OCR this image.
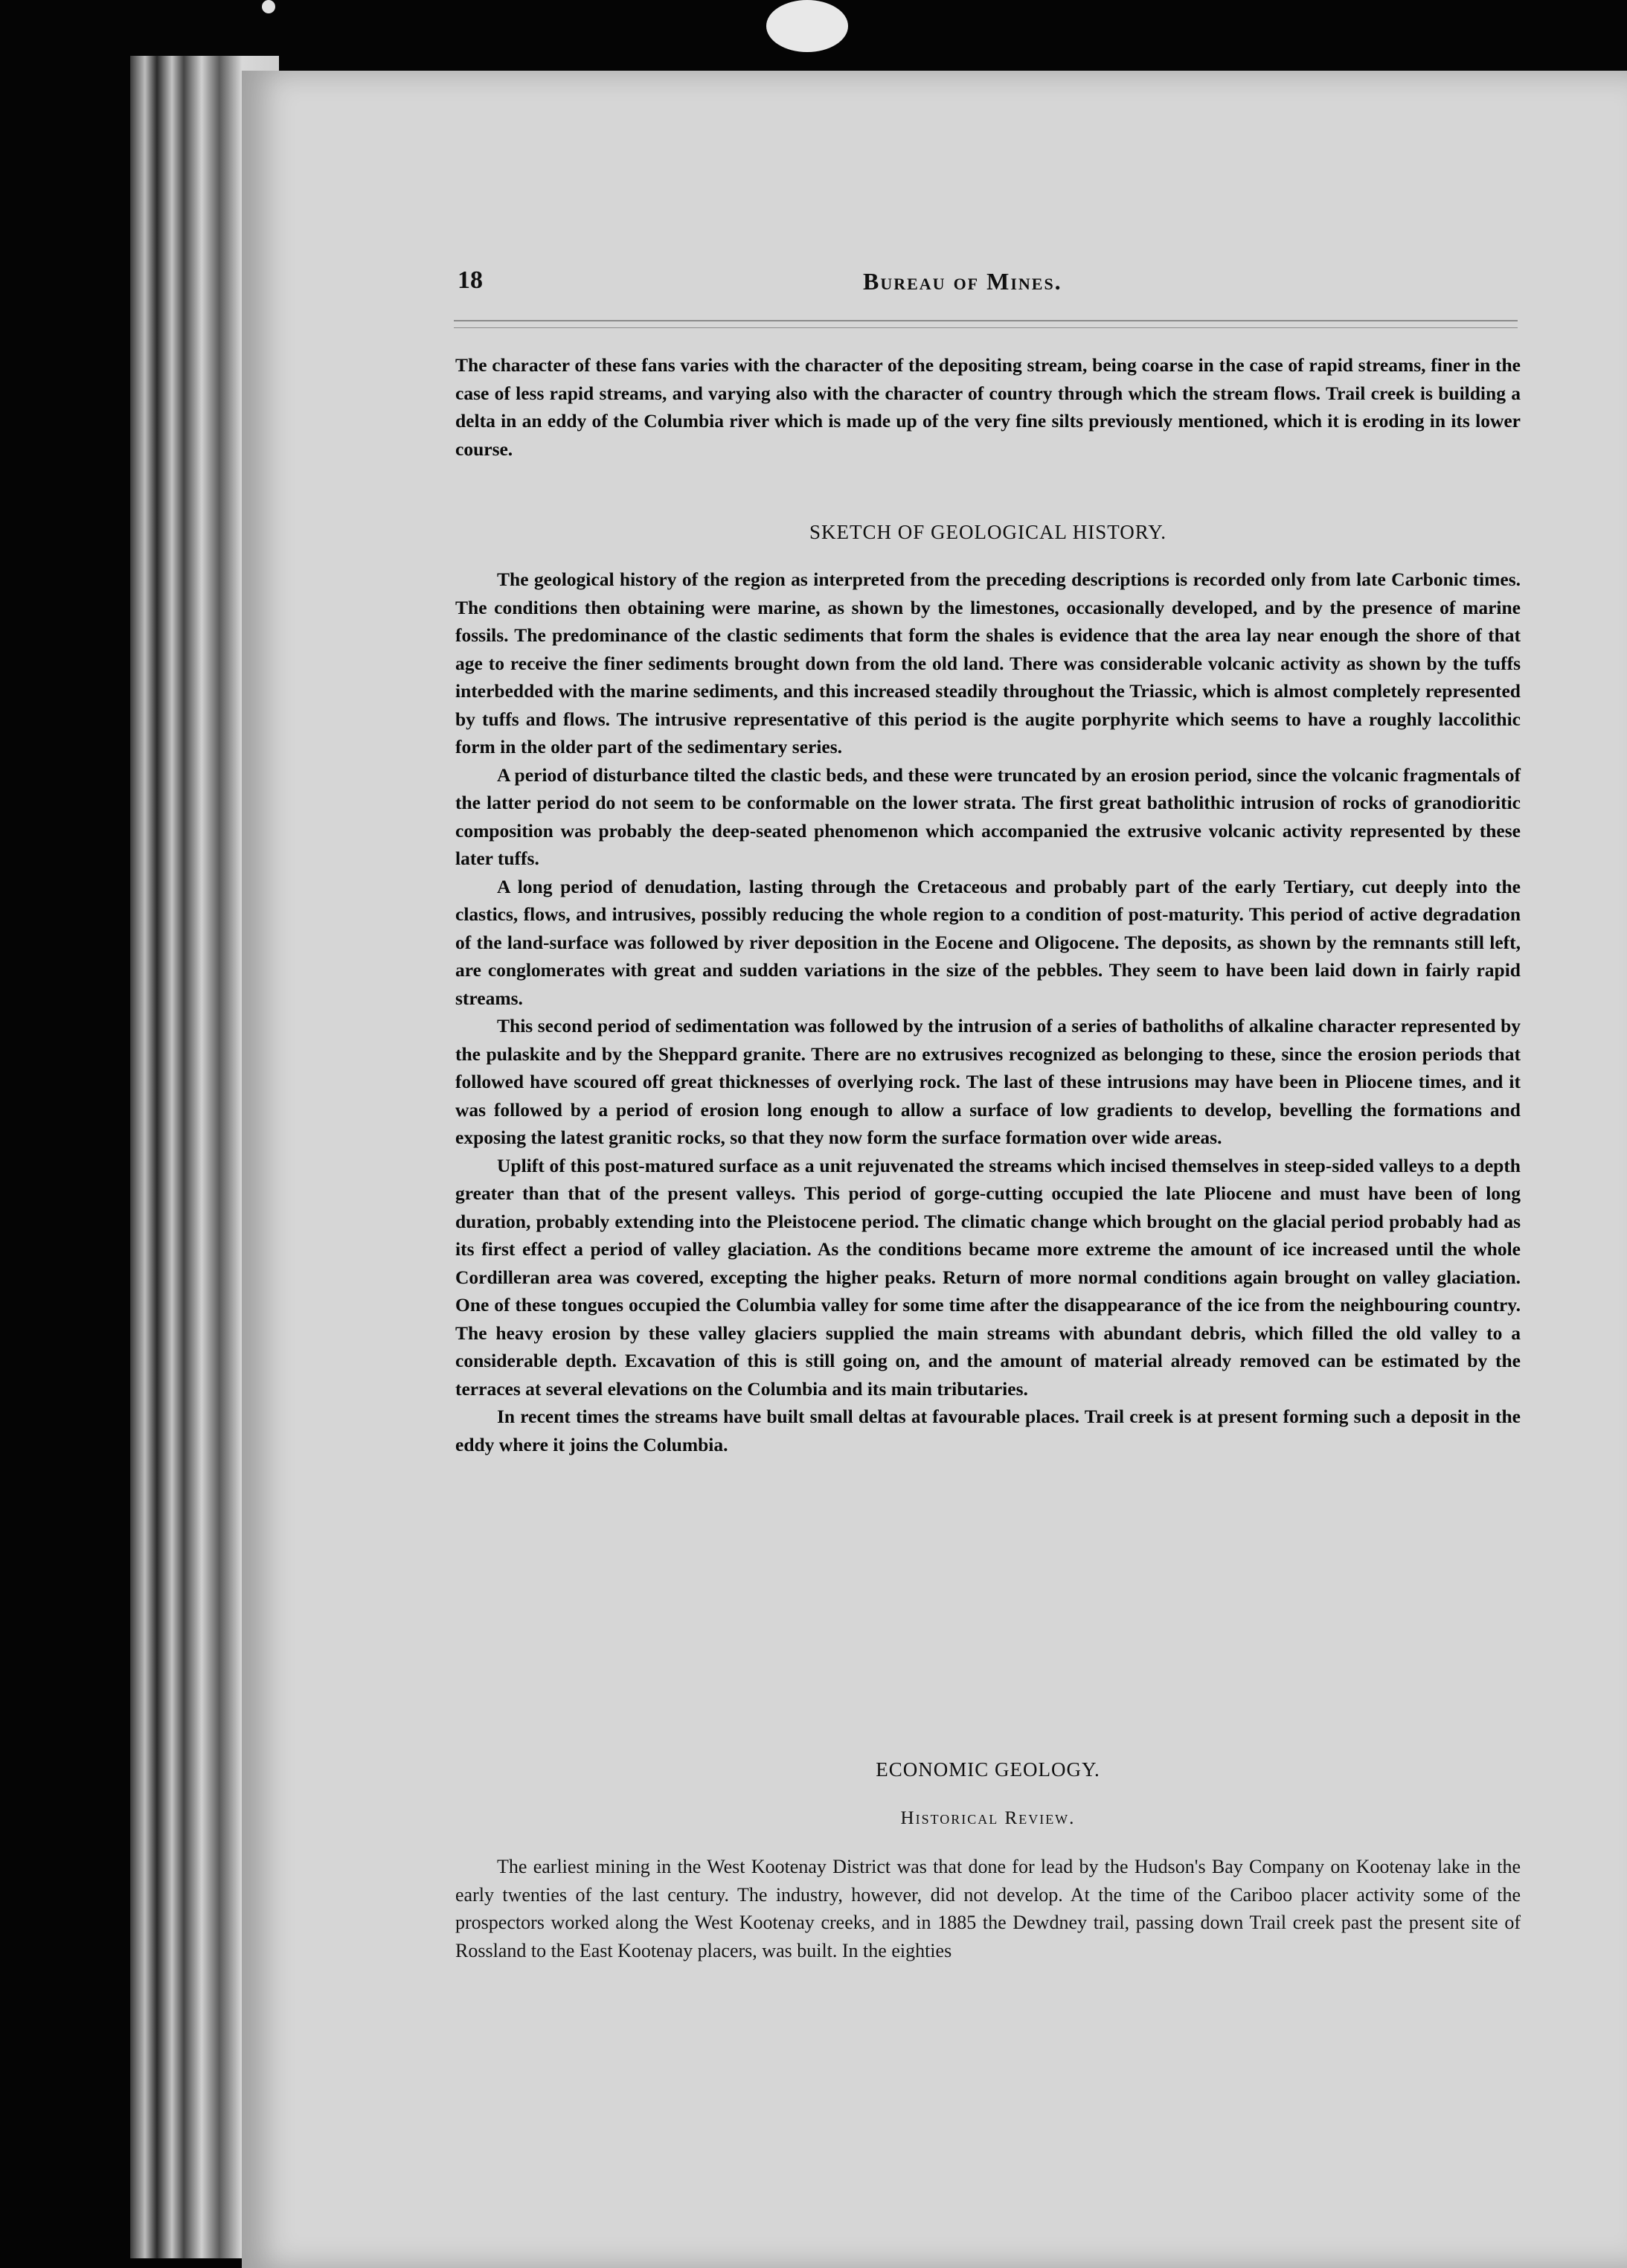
18	Bureau of Mines.

The character of these fans varies with the character of the depositing stream, being coarse in the case of rapid streams, finer in the case of less rapid streams, and varying also with the character of country through which the stream flows. Trail creek is building a delta in an eddy of the Columbia river which is made up of the very fine silts previously mentioned, which it is eroding in its lower course.

SKETCH OF GEOLOGICAL HISTORY.

The geological history of the region as interpreted from the preceding descriptions is recorded only from late Carbonic times. The conditions then obtaining were marine, as shown by the limestones, occasionally developed, and by the presence of marine fossils. The predominance of the clastic sediments that form the shales is evidence that the area lay near enough the shore of that age to receive the finer sediments brought down from the old land. There was considerable volcanic activity as shown by the tuffs interbedded with the marine sediments, and this increased steadily throughout the Triassic, which is almost completely represented by tuffs and flows. The intrusive representative of this period is the augite porphyrite which seems to have a roughly laccolithic form in the older part of the sedimentary series.

A period of disturbance tilted the clastic beds, and these were truncated by an erosion period, since the volcanic fragmentals of the latter period do not seem to be conformable on the lower strata. The first great batholithic intrusion of rocks of granodioritic composition was probably the deep-seated phenomenon which accompanied the extrusive volcanic activity represented by these later tuffs.

A long period of denudation, lasting through the Cretaceous and probably part of the early Tertiary, cut deeply into the clastics, flows, and intrusives, possibly reducing the whole region to a condition of post-maturity. This period of active degradation of the land-surface was followed by river deposition in the Eocene and Oligocene. The deposits, as shown by the remnants still left, are conglomerates with great and sudden variations in the size of the pebbles. They seem to have been laid down in fairly rapid streams.

This second period of sedimentation was followed by the intrusion of a series of batholiths of alkaline character represented by the pulaskite and by the Sheppard granite. There are no extrusives recognized as belonging to these, since the erosion periods that followed have scoured off great thicknesses of overlying rock. The last of these intrusions may have been in Pliocene times, and it was followed by a period of erosion long enough to allow a surface of low gradients to develop, bevelling the formations and exposing the latest granitic rocks, so that they now form the surface formation over wide areas.

Uplift of this post-matured surface as a unit rejuvenated the streams which incised themselves in steep-sided valleys to a depth greater than that of the present valleys. This period of gorge-cutting occupied the late Pliocene and must have been of long duration, probably extending into the Pleistocene period. The climatic change which brought on the glacial period probably had as its first effect a period of valley glaciation. As the conditions became more extreme the amount of ice increased until the whole Cordilleran area was covered, excepting the higher peaks. Return of more normal conditions again brought on valley glaciation. One of these tongues occupied the Columbia valley for some time after the disappearance of the ice from the neighbouring country. The heavy erosion by these valley glaciers supplied the main streams with abundant debris, which filled the old valley to a considerable depth. Excavation of this is still going on, and the amount of material already removed can be estimated by the terraces at several elevations on the Columbia and its main tributaries.

In recent times the streams have built small deltas at favourable places. Trail creek is at present forming such a deposit in the eddy where it joins the Columbia.

ECONOMIC GEOLOGY.
Historical Review.

The earliest mining in the West Kootenay District was that done for lead by the Hudson's Bay Company on Kootenay lake in the early twenties of the last century. The industry, however, did not develop. At the time of the Cariboo placer activity some of the prospectors worked along the West Kootenay creeks, and in 1885 the Dewdney trail, passing down Trail creek past the present site of Rossland to the East Kootenay placers, was built. In the eighties
